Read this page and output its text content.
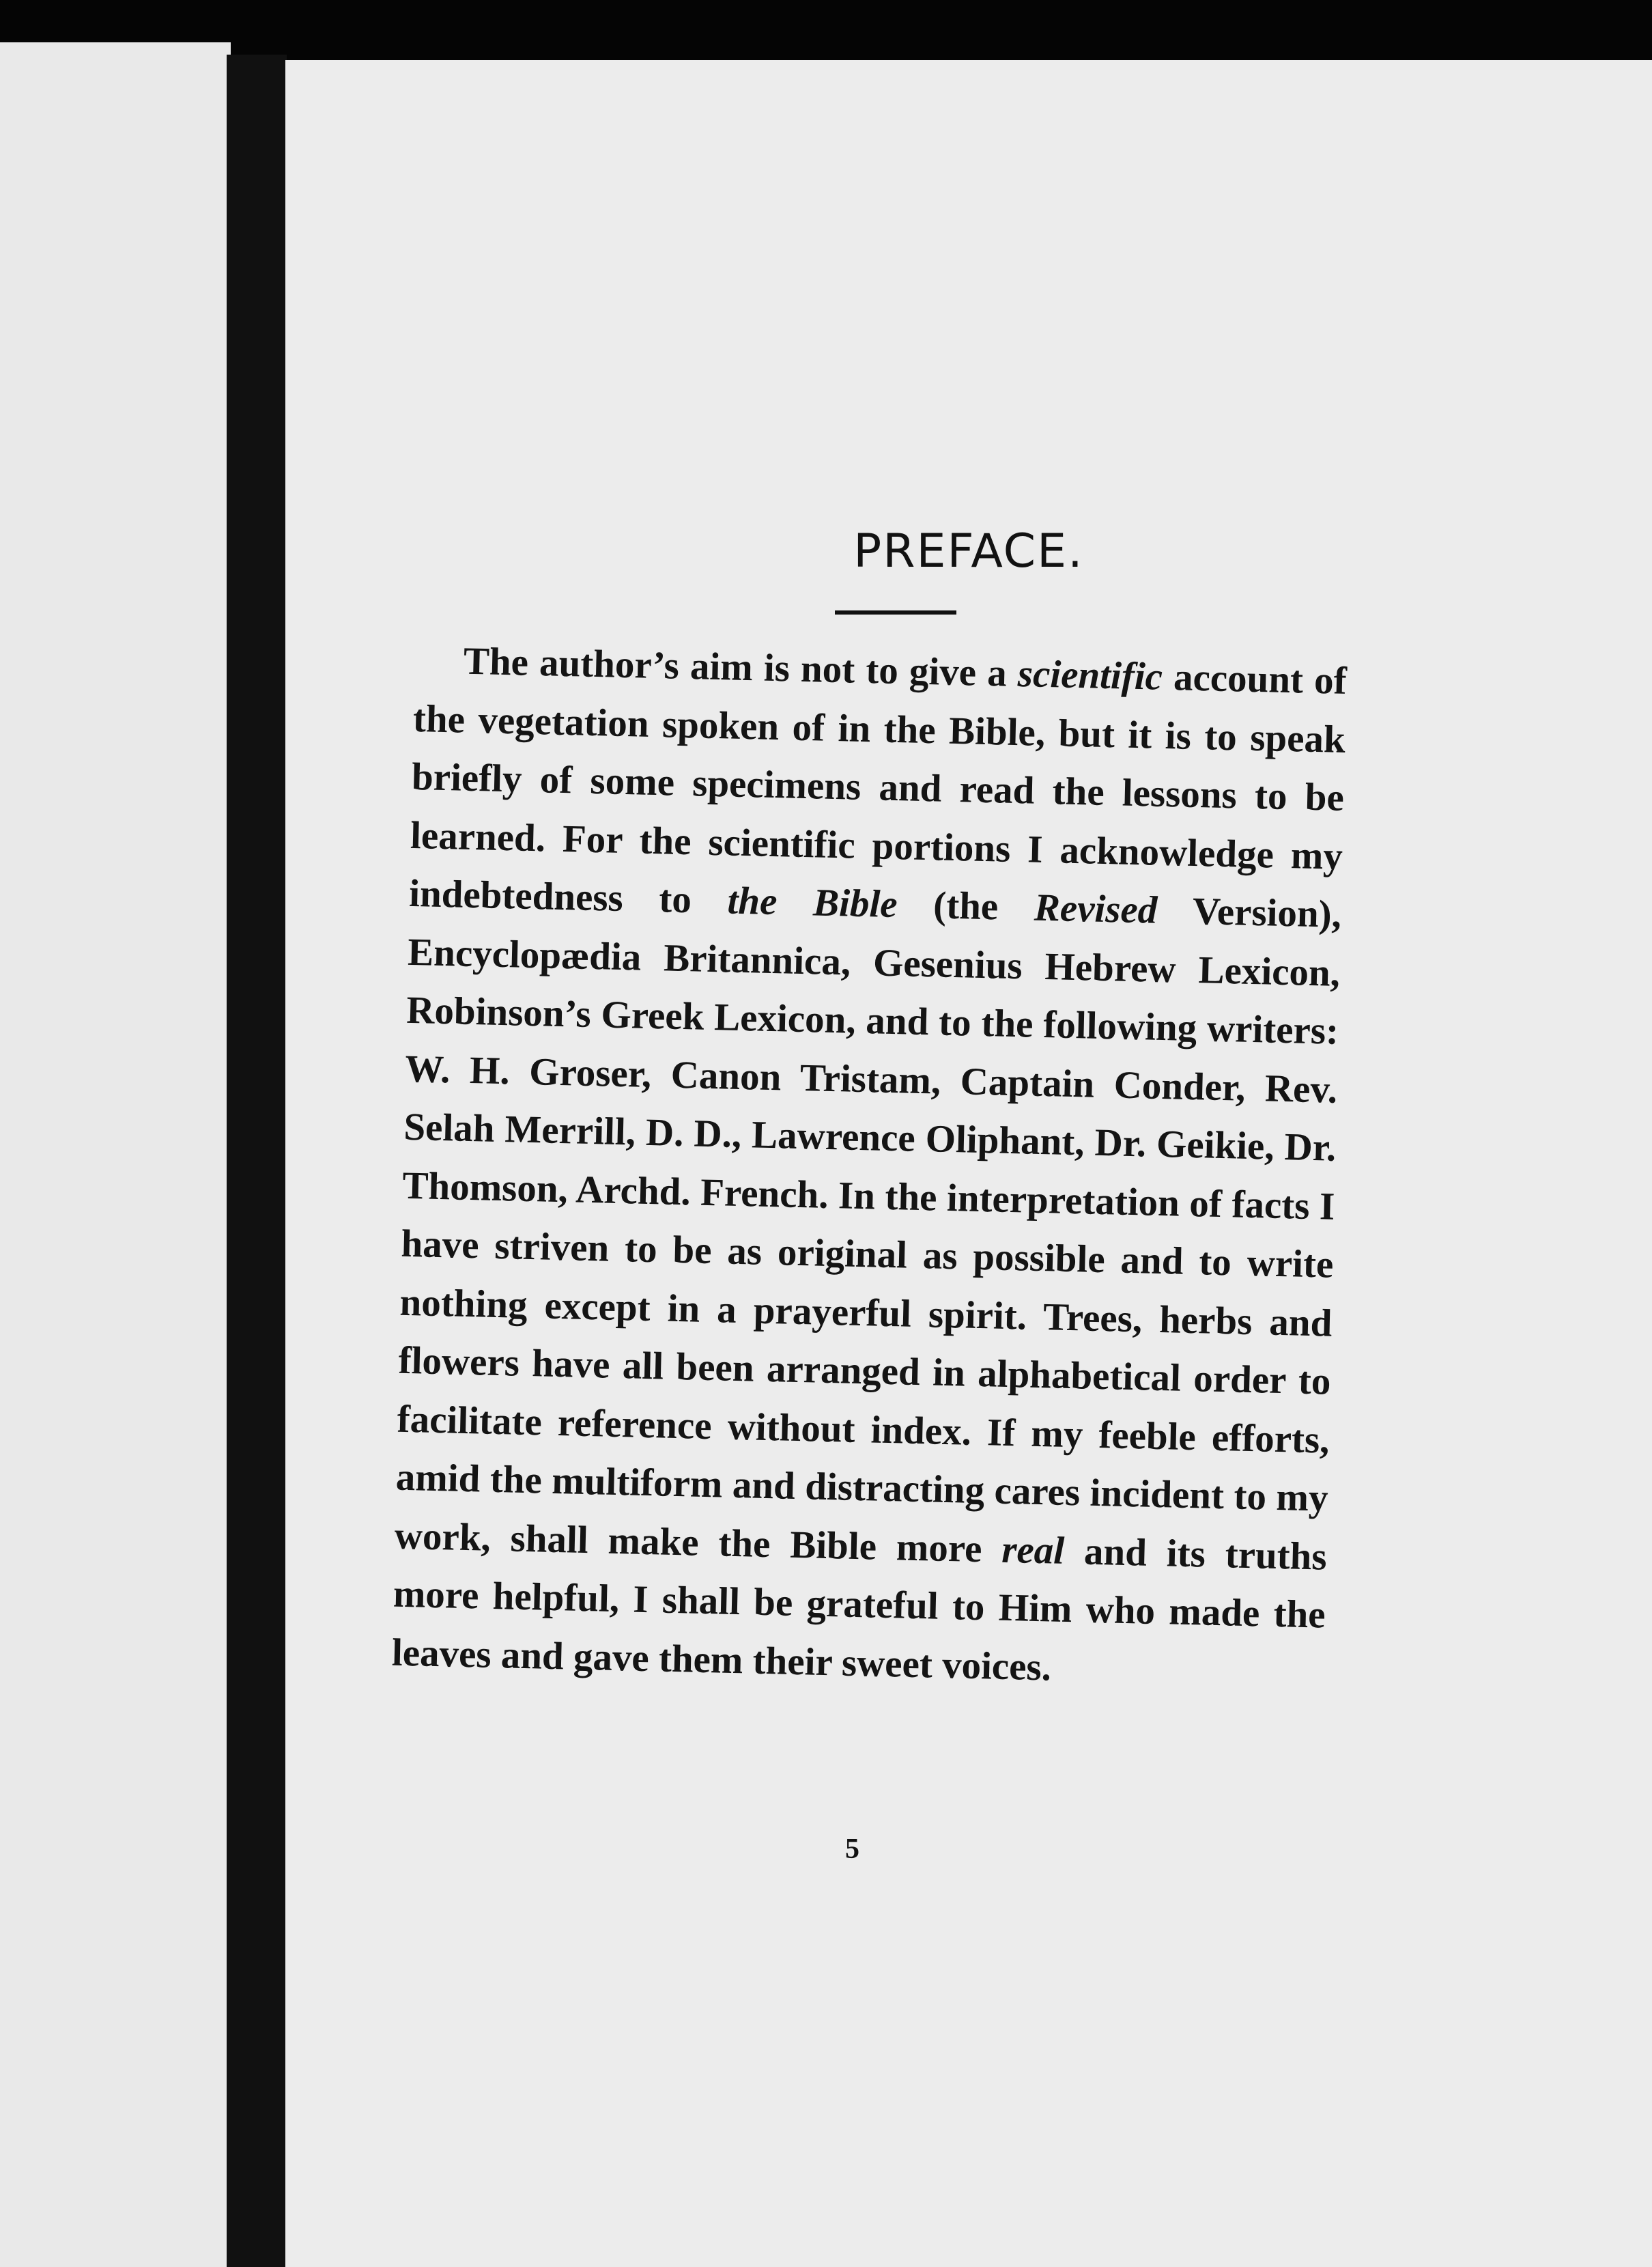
PREFACE.

The author’s aim is not to give a scientific account of the vegetation spoken of in the Bible, but it is to speak briefly of some specimens and read the lessons to be learned. For the scientific portions I acknowledge my indebtedness to the Bible (the Revised Version), Encyclopædia Britannica, Gesenius Hebrew Lexicon, Robinson’s Greek Lexicon, and to the following writers: W. H. Groser, Canon Tristam, Captain Conder, Rev. Selah Merrill, D. D., Lawrence Oliphant, Dr. Geikie, Dr. Thomson, Archd. French. In the interpretation of facts I have striven to be as original as possible and to write nothing except in a prayerful spirit. Trees, herbs and flowers have all been arranged in alphabetical order to facilitate reference without index. If my feeble efforts, amid the multiform and distracting cares incident to my work, shall make the Bible more real and its truths more helpful, I shall be grateful to Him who made the leaves and gave them their sweet voices.

5
